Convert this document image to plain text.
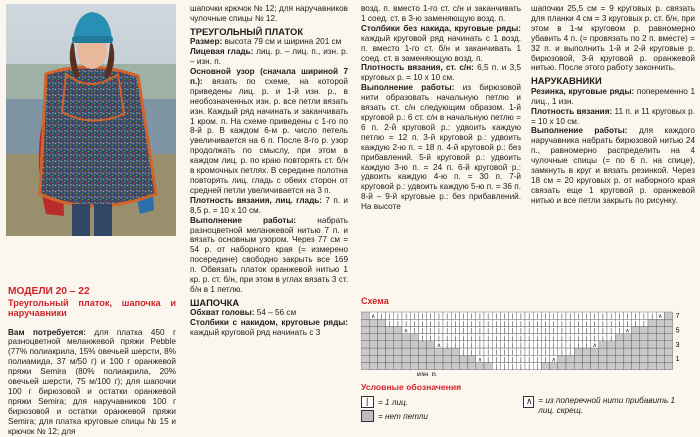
МОДЕЛИ 20 – 22

Треугольный платок, шапочка и наручавники

Вам потребуется: для платка 450 г разноцветной меланжевой пряжи Pebble (77% полиакрила, 15% овечьей шерсти, 8% полиамида, 37 м/50 г) и 100 г оранжевой пряжи Semira (80% полиакрила, 20% овечьей шерсти, 75 м/100 г); для шапочки 100 г бирюзовой и остатки оранжевой пряжи Semira; для наручавников 100 г бирюзовой и остатки оранжевой пряжи Semira; для платка круговые спицы № 15 и крючок № 12; для

шапочки крючок № 12; для наручавников чулочные спицы № 12.

ТРЕУГОЛЬНЫЙ ПЛАТОК

Размер: высота 79 см и ширина 201 см

Лицевая гладь: лиц. р. – лиц. п., изн. р. – изн. п.

Основной узор (сначала шириной 7 п.): вязать по схеме, на которой приведены лиц. р. и 1-й изн. р., в необозначенных изн. р. все петли вязать изн. Каждый ряд начинать и заканчивать 1 кром. п. На схеме приведены с 1-го по 8-й р. В каждом 6-м р. число петель увеличивается на 6 п. После 8-го р. узор продолжать по смыслу, при этом в каждом лиц. р. по краю повторять ст. б/н в кромочных петлях. В середине полотна повторять лиц. гладь с обеих сторон от средней петли увеличивается на 3 п.

Плотность вязания, лиц. гладь: 7 п. и 8,5 р. = 10 х 10 см.

Выполнение работы:	набрать разноцветной меланжевой нитью 7 п. и вязать основным узором. Через 77 см = 54 р. от наборного края (= измерено посередине) свободно закрыть все 169 п. Обвязать платок оранжевой нитью 1 кр. р. ст. б/н, при этом в углах вязать 3 ст. б/н в 1 петлю.

ШАПОЧКА

Обхват головы: 54 – 56 см

Столбики с накидом, круговые ряды: каждый круговой ряд начинать с 3

возд. п. вместо 1-го ст. с/н и заканчивать 1 соед. ст. в 3-ю заменяющую возд. п.

Столбики без накида, круговые ряды: каждый круговой ряд начинать с 1 возд. п. вместо 1-го ст. б/н и заканчивать 1 соед. ст. в заменяющую возд. п.

Плотность вязания, ст. с/н: 6,5 п. и 3,5 круговых р. = 10 х 10 см.

Выполнение работы: из бирюзовой нити образовать начальную петлю и вязать ст. с/н следующим образом. 1-й круговой р.: 6 ст. с/н в начальную петлю = 6 п. 2-й круговой р.: удвоить каждую петлю = 12 п. 3-й круговой р.: удвоить каждую 2-ю п. = 18 п. 4-й круговой р.: без прибавлений. 5-й круговой р.: удвоить каждую 3-ю п. = 24 п. 6-й круговой р.: удвоить каждую 4-ю п. = 30 п. 7-й круговой р.: удвоить каждую 5-ю п. = 36 п. 8-й – 9-й круговые р.: без прибавлений. На высоте

шапочки 25,5 см = 9 круговых р. связать для планки 4 см = 3 круговых р. ст. б/н, при этом в 1-м круговом р. равномерно убавить 4 п. (= провязать по 2 п. вместе) = 32 п. и выполнить 1-й и 2-й круговые р. бирюзовой, 3-й круговой р. оранжевой нитью. После этого работу закончить.

НАРУКАВНИКИ

Резинка, круговые ряды: попеременно 1 лиц., 1 изн.

Плотность вязания: 11 п. и 11 круговых р. = 10 х 10 см.

Выполнение работы: для каждого наручавника набрать бирюзовой нитью 24 п., равномерно распределить на 4 чулочные спицы (= по 6 п. на спице), замкнуть в круг и вязать резинкой. Через 18 см = 20 круговых р. от наборного края связать еще 1 круговой р. оранжевой нитью и все петли закрыть по рисунку.

Схема
| | | | | |
∧ | | | | | | | | ∧
| | | | | | | | | | | | | |
∧ | | | | | | | | | | | | | | | | | | ∧
| | | | | | | | | | | | | | | | | | | | | | | |
∧ | | | | | | | | | | | | | | | | | | | | | | | | | | ∧
| | | | | | | | | | | | | | | | | | | | | | | | | | | | | | | |
∧ | | | | | | | | | | | | | | | | | | | | | | | | | | | | | | | | | | ∧ 7
5
3
1
изн. р.
Условные обозначения
| = 1 лиц.
= нет петли
∧ = из поперечной нити прибавить 1 лиц. скрещ.
